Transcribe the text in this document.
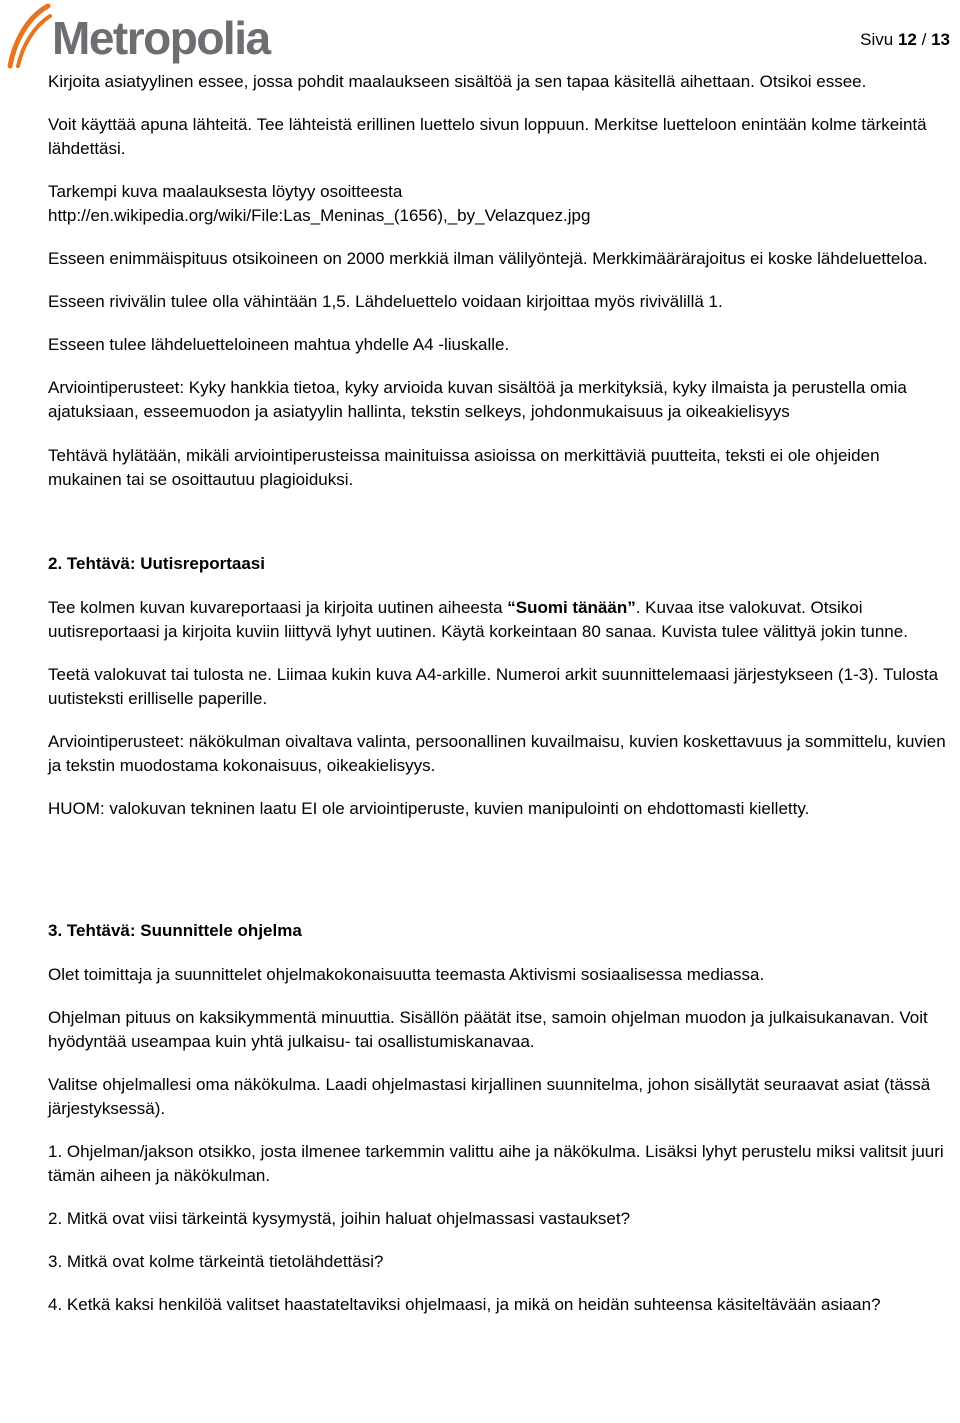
Metropolia	Sivu 12 / 13

Kirjoita asiatyylinen essee, jossa pohdit maalaukseen sisältöä ja sen tapaa käsitellä aihettaan. Otsikoi essee.

Voit käyttää apuna lähteitä. Tee lähteistä erillinen luettelo sivun loppuun. Merkitse luetteloon enintään kolme tärkeintä lähdettäsi.

Tarkempi kuva maalauksesta löytyy osoitteesta
http://en.wikipedia.org/wiki/File:Las_Meninas_(1656),_by_Velazquez.jpg

Esseen enimmäispituus otsikoineen on 2000 merkkiä ilman välilyöntejä. Merkkimäärärajoitus ei koske lähdeluetteloa.

Esseen rivivälin tulee olla vähintään 1,5. Lähdeluettelo voidaan kirjoittaa myös rivivälillä 1.

Esseen tulee lähdeluetteloineen mahtua yhdelle A4 -liuskalle.

Arviointiperusteet: Kyky hankkia tietoa, kyky arvioida kuvan sisältöä ja merkityksiä, kyky ilmaista ja perustella omia ajatuksiaan, esseemuodon ja asiatyylin hallinta, tekstin selkeys, johdonmukaisuus ja oikeakielisyys

Tehtävä hylätään, mikäli arviointiperusteissa mainituissa asioissa on merkittäviä puutteita, teksti ei ole ohjeiden mukainen tai se osoittautuu plagioiduksi.

2. Tehtävä: Uutisreportaasi

Tee kolmen kuvan kuvareportaasi ja kirjoita uutinen aiheesta “Suomi tänään”. Kuvaa itse valokuvat. Otsikoi uutisreportaasi ja kirjoita kuviin liittyvä lyhyt uutinen. Käytä korkeintaan 80 sanaa. Kuvista tulee välittyä jokin tunne.

Teetä valokuvat tai tulosta ne. Liimaa kukin kuva A4-arkille. Numeroi arkit suunnittelemaasi järjestykseen (1-3). Tulosta uutisteksti erilliselle paperille.

Arviointiperusteet: näkökulman oivaltava valinta, persoonallinen kuvailmaisu, kuvien koskettavuus ja sommittelu, kuvien ja tekstin muodostama kokonaisuus, oikeakielisyys.

HUOM: valokuvan tekninen laatu EI ole arviointiperuste, kuvien manipulointi on ehdottomasti kielletty.

3. Tehtävä: Suunnittele ohjelma

Olet toimittaja ja suunnittelet ohjelmakokonaisuutta teemasta Aktivismi sosiaalisessa mediassa.

Ohjelman pituus on kaksikymmentä minuuttia. Sisällön päätät itse, samoin ohjelman muodon ja julkaisukanavan. Voit hyödyntää useampaa kuin yhtä julkaisu- tai osallistumiskanavaa.

Valitse ohjelmallesi oma näkökulma. Laadi ohjelmastasi kirjallinen suunnitelma, johon sisällytät seuraavat asiat (tässä järjestyksessä).

1. Ohjelman/jakson otsikko, josta ilmenee tarkemmin valittu aihe ja näkökulma. Lisäksi lyhyt perustelu miksi valitsit juuri tämän aiheen ja näkökulman.

2. Mitkä ovat viisi tärkeintä kysymystä, joihin haluat ohjelmassasi vastaukset?

3. Mitkä ovat kolme tärkeintä tietolähdettäsi?

4. Ketkä kaksi henkilöä valitset haastateltaviksi ohjelmaasi, ja mikä on heidän suhteensa käsiteltävään asiaan?
